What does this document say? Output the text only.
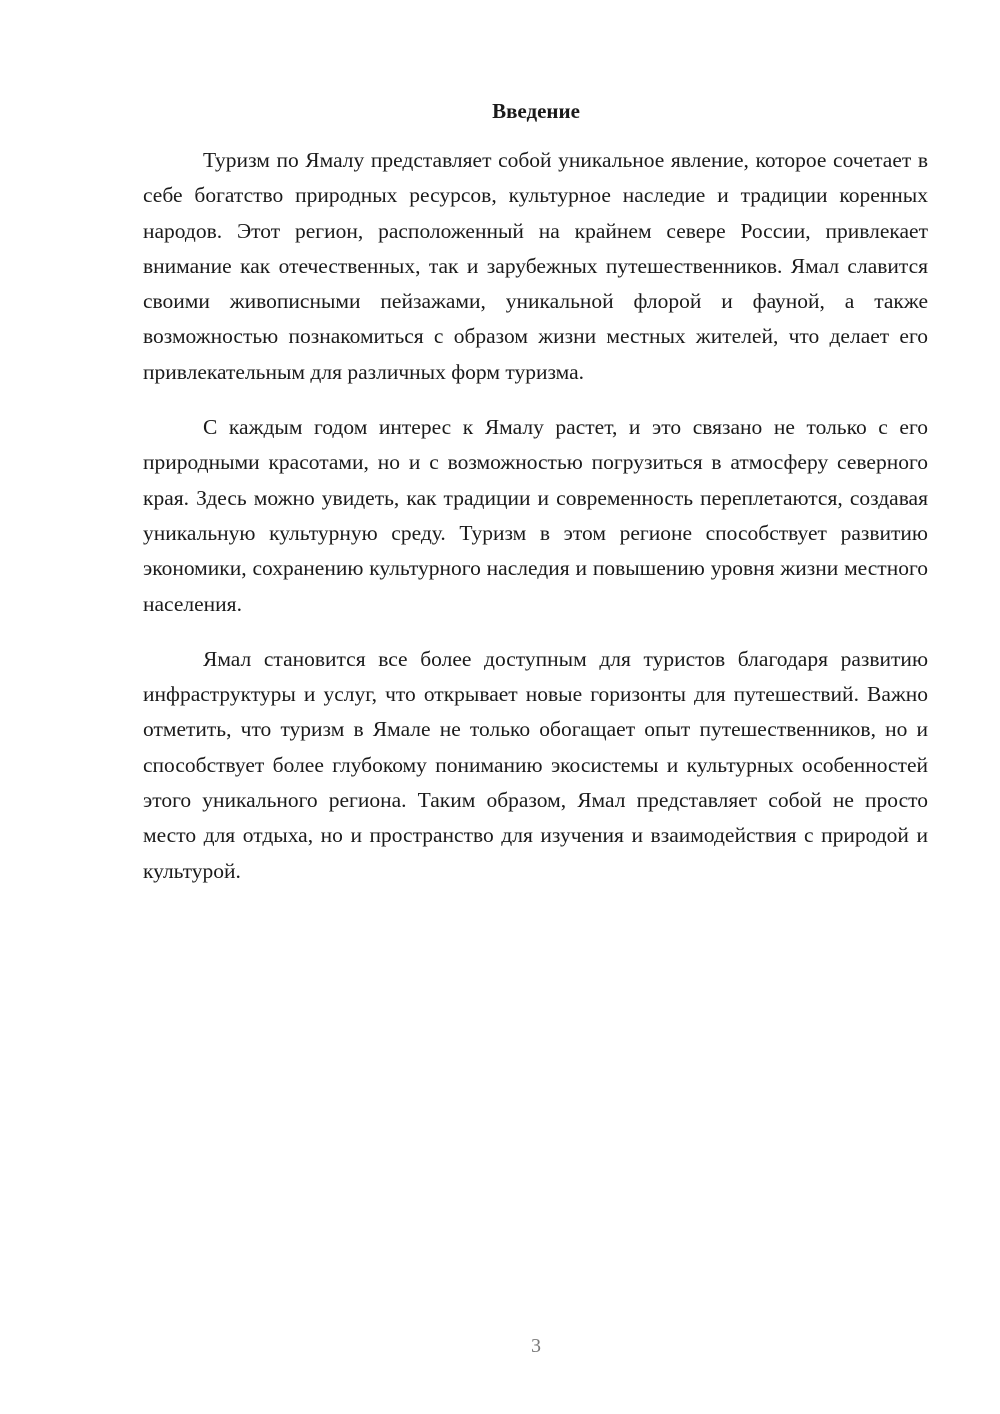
Введение

Туризм по Ямалу представляет собой уникальное явление, которое сочетает в себе богатство природных ресурсов, культурное наследие и традиции коренных народов. Этот регион, расположенный на крайнем севере России, привлекает внимание как отечественных, так и зарубежных путешественников. Ямал славится своими живописными пейзажами, уникальной флорой и фауной, а также возможностью познакомиться с образом жизни местных жителей, что делает его привлекательным для различных форм туризма.

С каждым годом интерес к Ямалу растет, и это связано не только с его природными красотами, но и с возможностью погрузиться в атмосферу северного края. Здесь можно увидеть, как традиции и современность переплетаются, создавая уникальную культурную среду. Туризм в этом регионе способствует развитию экономики, сохранению культурного наследия и повышению уровня жизни местного населения.

Ямал становится все более доступным для туристов благодаря развитию инфраструктуры и услуг, что открывает новые горизонты для путешествий. Важно отметить, что туризм в Ямале не только обогащает опыт путешественников, но и способствует более глубокому пониманию экосистемы и культурных особенностей этого уникального региона. Таким образом, Ямал представляет собой не просто место для отдыха, но и пространство для изучения и взаимодействия с природой и культурой.

3
